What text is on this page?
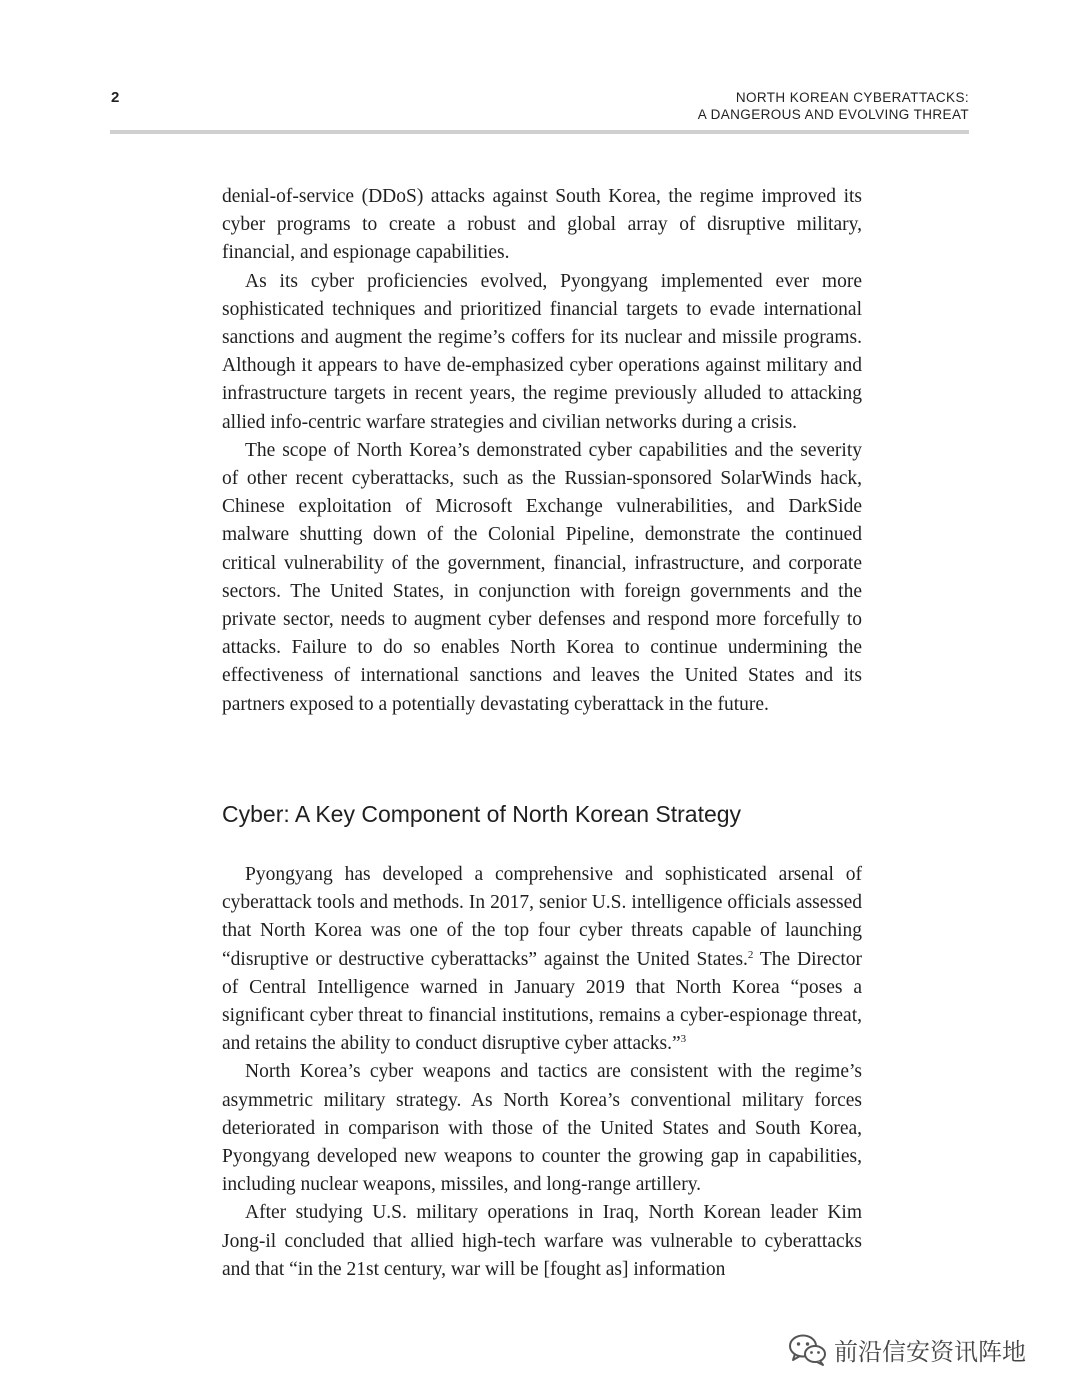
2	NORTH KOREAN CYBERATTACKS:
A DANGEROUS AND EVOLVING THREAT

denial-of-service (DDoS) attacks against South Korea, the regime improved its cyber programs to create a robust and global array of disruptive military, financial, and espionage capabilities.

As its cyber proficiencies evolved, Pyongyang implemented ever more sophisticated techniques and prioritized financial targets to evade international sanctions and augment the regime’s coffers for its nuclear and missile programs. Although it appears to have de-emphasized cyber operations against military and infrastructure targets in recent years, the regime previously alluded to attacking allied info-centric warfare strategies and civilian networks during a crisis.

The scope of North Korea’s demonstrated cyber capabilities and the severity of other recent cyberattacks, such as the Russian-sponsored SolarWinds hack, Chinese exploitation of Microsoft Exchange vulnerabilities, and DarkSide malware shutting down of the Colonial Pipeline, demonstrate the continued critical vulnerability of the government, financial, infrastructure, and corporate sectors. The United States, in conjunction with foreign governments and the private sector, needs to augment cyber defenses and respond more forcefully to attacks. Failure to do so enables North Korea to continue undermining the effectiveness of international sanctions and leaves the United States and its partners exposed to a potentially devastating cyberattack in the future.

Cyber: A Key Component of North Korean Strategy

Pyongyang has developed a comprehensive and sophisticated arsenal of cyberattack tools and methods. In 2017, senior U.S. intelligence officials assessed that North Korea was one of the top four cyber threats capable of launching “disruptive or destructive cyberattacks” against the United States.$^2$ The Director of Central Intelligence warned in January 2019 that North Korea “poses a significant cyber threat to financial institutions, remains a cyber-espionage threat, and retains the ability to conduct disruptive cyber attacks.”$^3$

North Korea’s cyber weapons and tactics are consistent with the regime’s asymmetric military strategy. As North Korea’s conventional military forces deteriorated in comparison with those of the United States and South Korea, Pyongyang developed new weapons to counter the growing gap in capabilities, including nuclear weapons, missiles, and long-range artillery.

After studying U.S. military operations in Iraq, North Korean leader Kim Jong-il concluded that allied high-tech warfare was vulnerable to cyberattacks and that “in the 21st century, war will be [fought as] information

前沿信安资讯阵地
